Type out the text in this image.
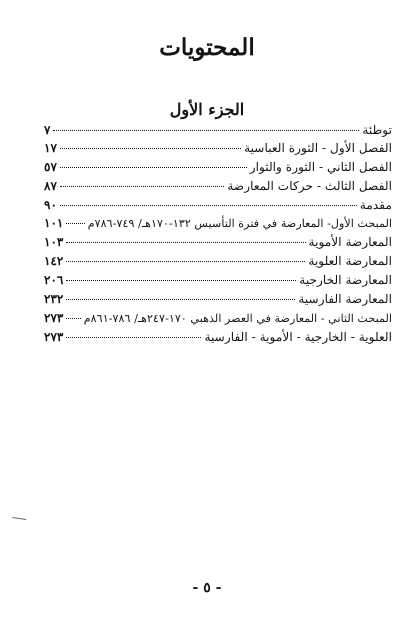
المحتويات
الجزء الأول
توطئة
٧
الفصل الأول - الثورة العباسية
١٧
الفصل الثاني - الثورة والثوار
٥٧
الفصل الثالث - حركات المعارضة
٨٧
مقدمة
٩٠
المبحث الأول- المعارضة في فترة التأسيس ١٣٢-١٧٠هـ/ ٧٤٩-٧٨٦م
١٠١
المعارضة الأموية
١٠٣
المعارضة العلوية
١٤٢
المعارضة الخارجية
٢٠٦
المعارضة الفارسية
٢٣٢
المبحث الثاني - المعارضة في العصر الذهبي ١٧٠-٢٤٧هـ/ ٧٨٦-٨٦١م
٢٧٣
العلوية - الخارجية - الأموية - الفارسية
٢٧٣
- ٥ -
